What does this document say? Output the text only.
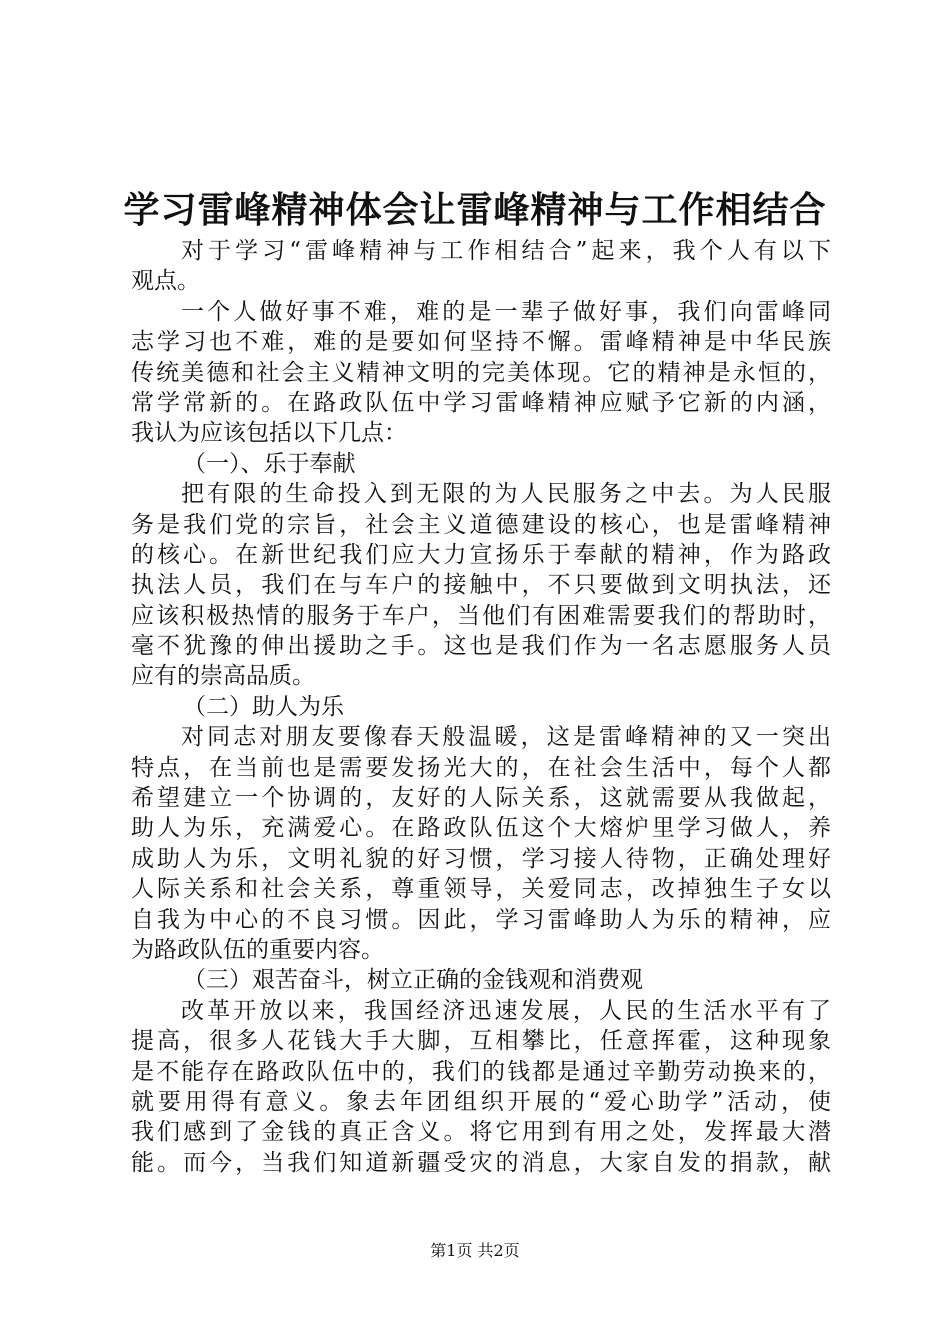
学习雷峰精神体会让雷峰精神与工作相结合
对于学习“雷峰精神与工作相结合”起来，我个人有以下
观点。
一个人做好事不难，难的是一辈子做好事，我们向雷峰同
志学习也不难，难的是要如何坚持不懈。雷峰精神是中华民族
传统美德和社会主义精神文明的完美体现。它的精神是永恒的，
常学常新的。在路政队伍中学习雷峰精神应赋予它新的内涵，
我认为应该包括以下几点：
（一）、乐于奉献
把有限的生命投入到无限的为人民服务之中去。为人民服
务是我们党的宗旨，社会主义道德建设的核心，也是雷峰精神
的核心。在新世纪我们应大力宣扬乐于奉献的精神，作为路政
执法人员，我们在与车户的接触中，不只要做到文明执法，还
应该积极热情的服务于车户，当他们有困难需要我们的帮助时，
毫不犹豫的伸出援助之手。这也是我们作为一名志愿服务人员
应有的崇高品质。
（二）助人为乐
对同志对朋友要像春天般温暖，这是雷峰精神的又一突出
特点，在当前也是需要发扬光大的，在社会生活中，每个人都
希望建立一个协调的，友好的人际关系，这就需要从我做起，
助人为乐，充满爱心。在路政队伍这个大熔炉里学习做人，养
成助人为乐，文明礼貌的好习惯，学习接人待物，正确处理好
人际关系和社会关系，尊重领导，关爱同志，改掉独生子女以
自我为中心的不良习惯。因此，学习雷峰助人为乐的精神，应
为路政队伍的重要内容。
（三）艰苦奋斗，树立正确的金钱观和消费观
改革开放以来，我国经济迅速发展，人民的生活水平有了
提高，很多人花钱大手大脚，互相攀比，任意挥霍，这种现象
是不能存在路政队伍中的，我们的钱都是通过辛勤劳动换来的，
就要用得有意义。象去年团组织开展的“爱心助学”活动，使
我们感到了金钱的真正含义。将它用到有用之处，发挥最大潜
能。而今，当我们知道新疆受灾的消息，大家自发的捐款，献
第1页 共2页
